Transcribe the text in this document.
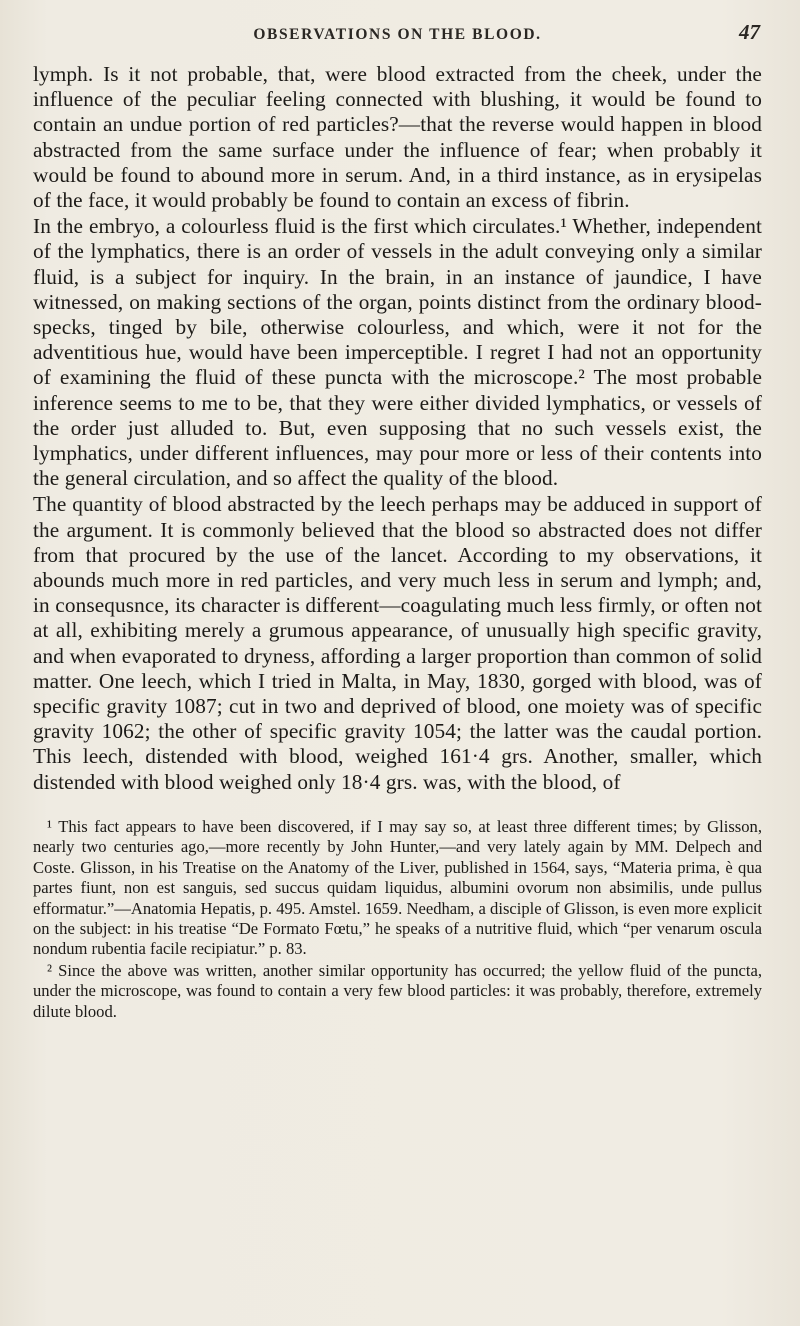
OBSERVATIONS ON THE BLOOD.	47

lymph. Is it not probable, that, were blood extracted from the cheek, under the influence of the peculiar feeling connected with blushing, it would be found to contain an undue portion of red particles?—that the reverse would happen in blood abstracted from the same surface under the influence of fear; when probably it would be found to abound more in serum. And, in a third instance, as in erysipelas of the face, it would probably be found to contain an excess of fibrin.

In the embryo, a colourless fluid is the first which circulates.¹ Whether, independent of the lymphatics, there is an order of vessels in the adult conveying only a similar fluid, is a subject for inquiry. In the brain, in an instance of jaundice, I have witnessed, on making sections of the organ, points distinct from the ordinary blood-specks, tinged by bile, otherwise colourless, and which, were it not for the adventitious hue, would have been imperceptible. I regret I had not an opportunity of examining the fluid of these puncta with the microscope.² The most probable inference seems to me to be, that they were either divided lymphatics, or vessels of the order just alluded to. But, even supposing that no such vessels exist, the lymphatics, under different influences, may pour more or less of their contents into the general circulation, and so affect the quality of the blood.

The quantity of blood abstracted by the leech perhaps may be adduced in support of the argument. It is commonly believed that the blood so abstracted does not differ from that procured by the use of the lancet. According to my observations, it abounds much more in red particles, and very much less in serum and lymph; and, in consequsnce, its character is different—coagulating much less firmly, or often not at all, exhibiting merely a grumous appearance, of unusually high specific gravity, and when evaporated to dryness, affording a larger proportion than common of solid matter. One leech, which I tried in Malta, in May, 1830, gorged with blood, was of specific gravity 1087; cut in two and deprived of blood, one moiety was of specific gravity 1062; the other of specific gravity 1054; the latter was the caudal portion. This leech, distended with blood, weighed 161·4 grs. Another, smaller, which distended with blood weighed only 18·4 grs. was, with the blood, of

¹ This fact appears to have been discovered, if I may say so, at least three different times; by Glisson, nearly two centuries ago,—more recently by John Hunter,—and very lately again by MM. Delpech and Coste. Glisson, in his Treatise on the Anatomy of the Liver, published in 1564, says, “Materia prima, è qua partes fiunt, non est sanguis, sed succus quidam liquidus, albumini ovorum non absimilis, unde pullus efformatur.”—Anatomia Hepatis, p. 495. Amstel. 1659. Needham, a disciple of Glisson, is even more explicit on the subject: in his treatise “De Formato Fœtu,” he speaks of a nutritive fluid, which “per venarum oscula nondum rubentia facile recipiatur.” p. 83.

² Since the above was written, another similar opportunity has occurred; the yellow fluid of the puncta, under the microscope, was found to contain a very few blood particles: it was probably, therefore, extremely dilute blood.
